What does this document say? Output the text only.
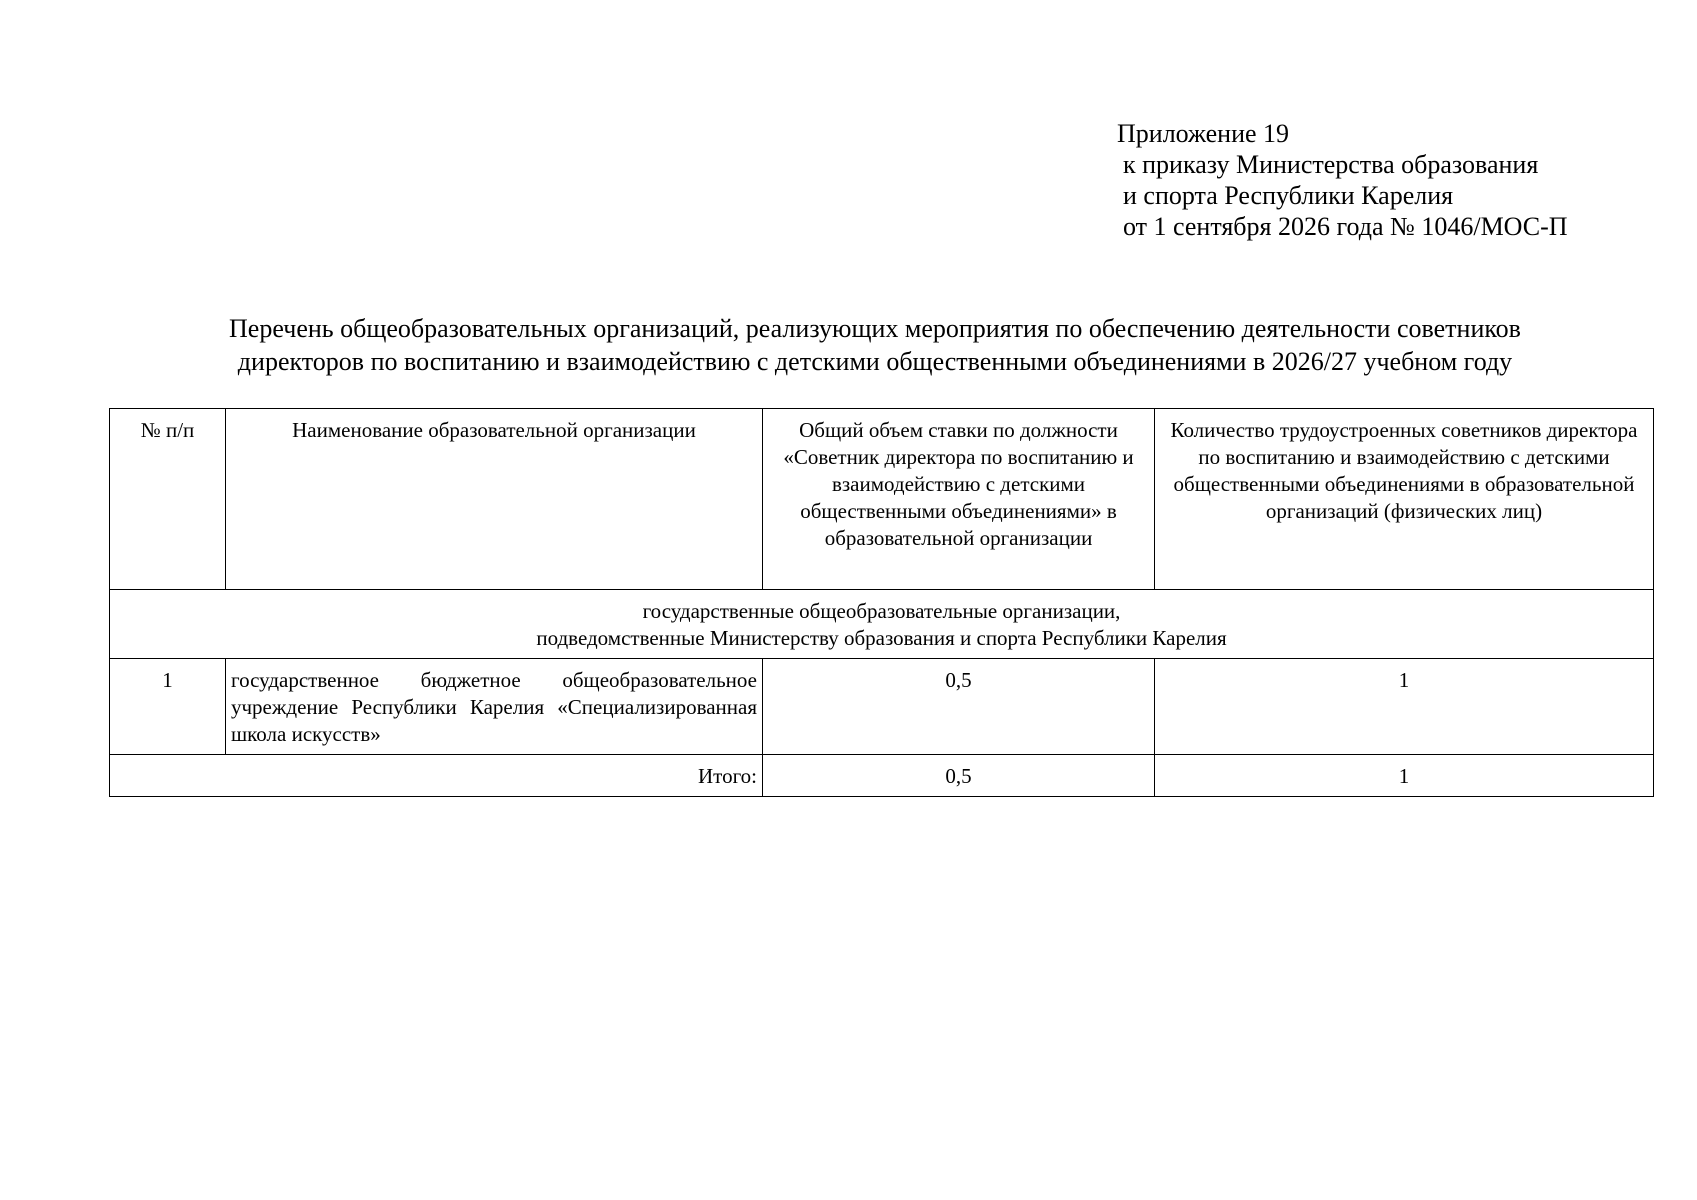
Приложение 19
к приказу Министерства образования
и спорта Республики Карелия
от 1 сентября 2026 года № 1046/МОС-П
Перечень общеобразовательных организаций, реализующих мероприятия по обеспечению деятельности советников
директоров по воспитанию и взаимодействию с детскими общественными объединениями в 2026/27 учебном году
№ п/п	Наименование образовательной организации	Общий объем ставки по должности «Советник директора по воспитанию и взаимодействию с детскими общественными объединениями» в образовательной организации	Количество трудоустроенных советников директора по воспитанию и взаимодействию с детскими общественными объединениями в образовательной организаций (физических лиц)

государственные общеобразовательные организации,
подведомственные Министерству образования и спорта Республики Карелия			

1	государственное бюджетное общеобразовательное учреждение Республики Карелия «Специализированная школа искусств»	0,5	1
Итого:		0,5	1
